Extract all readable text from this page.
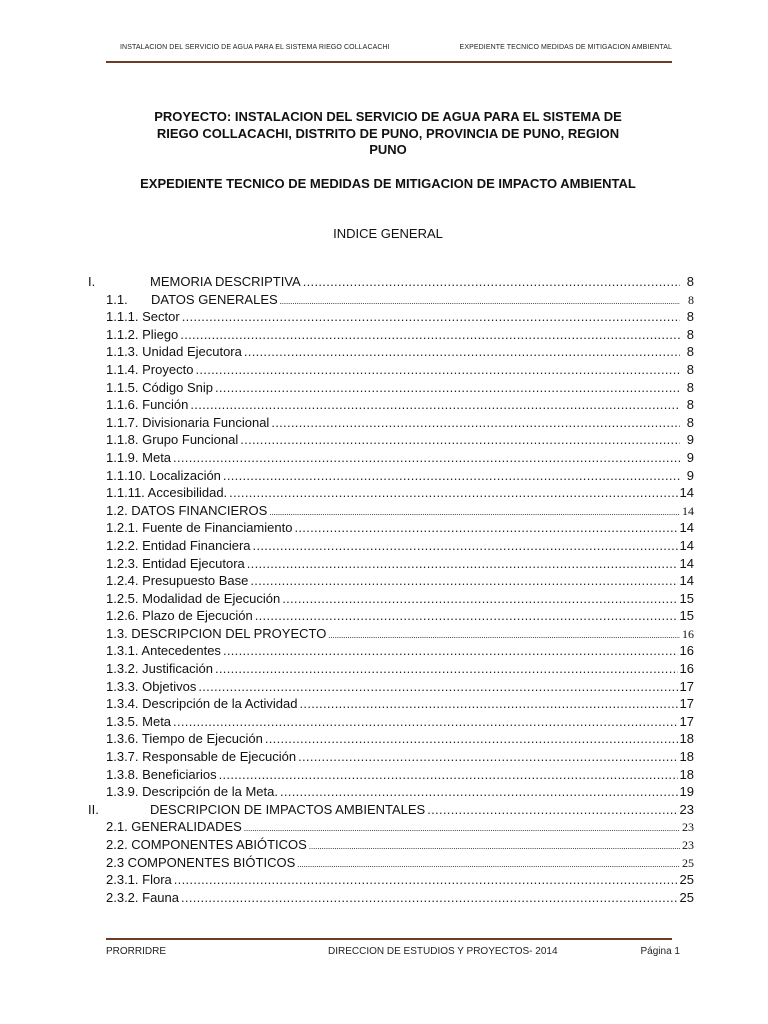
INSTALACION DEL SERVICIO DE AGUA PARA EL SISTEMA RIEGO COLLACACHI	EXPEDIENTE TECNICO MEDIDAS DE MITIGACION AMBIENTAL
PROYECTO: INSTALACION DEL SERVICIO DE AGUA PARA EL SISTEMA DE
RIEGO COLLACACHI, DISTRITO DE PUNO, PROVINCIA DE PUNO, REGION
PUNO
EXPEDIENTE TECNICO DE MEDIDAS DE MITIGACION DE IMPACTO AMBIENTAL
INDICE GENERAL
I.	MEMORIA DESCRIPTIVA .....	8
1.1.	DATOS GENERALES .....	8
1.1.1. Sector .....	8
1.1.2. Pliego .....	8
1.1.3. Unidad Ejecutora .....	8
1.1.4. Proyecto .....	8
1.1.5. Código Snip .....	8
1.1.6. Función .....	8
1.1.7. Divisionaria Funcional .....	8
1.1.8. Grupo Funcional .....	9
1.1.9. Meta .....	9
1.1.10. Localización .....	9
1.1.11. Accesibilidad. .....	14
1.2. DATOS FINANCIEROS .....	14
1.2.1. Fuente de Financiamiento .....	14
1.2.2. Entidad Financiera .....	14
1.2.3. Entidad Ejecutora .....	14
1.2.4. Presupuesto Base .....	14
1.2.5. Modalidad de Ejecución .....	15
1.2.6. Plazo de Ejecución .....	15
1.3. DESCRIPCION DEL PROYECTO .....	16
1.3.1. Antecedentes .....	16
1.3.2. Justificación .....	16
1.3.3. Objetivos .....	17
1.3.4. Descripción de la Actividad .....	17
1.3.5. Meta .....	17
1.3.6. Tiempo de Ejecución .....	18
1.3.7. Responsable de Ejecución .....	18
1.3.8. Beneficiarios .....	18
1.3.9. Descripción de la Meta. .....	19
II.	DESCRIPCION DE IMPACTOS AMBIENTALES .....	23
2.1. GENERALIDADES .....	23
2.2. COMPONENTES ABIÓTICOS .....	23
2.3 COMPONENTES BIÓTICOS .....	25
2.3.1. Flora .....	25
2.3.2. Fauna .....	25
PRORRIDRE	DIRECCION DE ESTUDIOS Y PROYECTOS- 2014	Página 1
